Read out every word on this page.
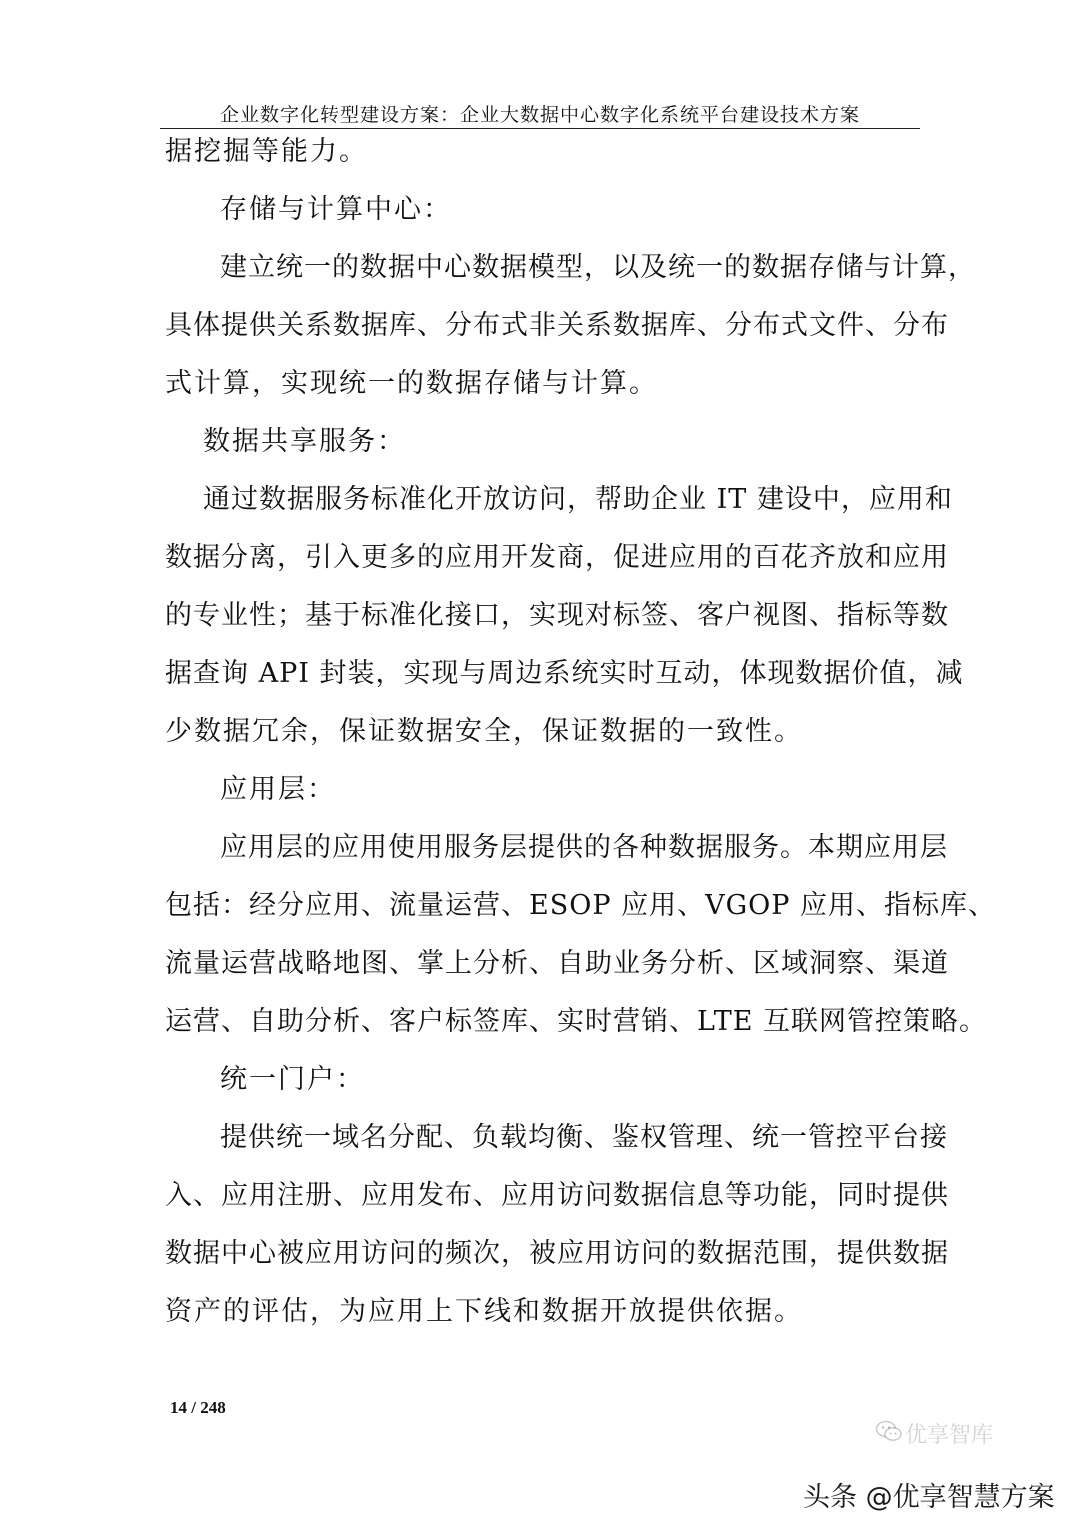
企业数字化转型建设方案：企业大数据中心数字化系统平台建设技术方案
据挖掘等能力。
存储与计算中心：
建立统一的数据中心数据模型，以及统一的数据存储与计算，
具体提供关系数据库、分布式非关系数据库、分布式文件、分布
式计算，实现统一的数据存储与计算。
数据共享服务：
通过数据服务标准化开放访问，帮助企业 IT 建设中，应用和
数据分离，引入更多的应用开发商，促进应用的百花齐放和应用
的专业性；基于标准化接口，实现对标签、客户视图、指标等数
据查询 API 封装，实现与周边系统实时互动，体现数据价值，减
少数据冗余，保证数据安全，保证数据的一致性。
应用层：
应用层的应用使用服务层提供的各种数据服务。本期应用层
包括：经分应用、流量运营、ESOP 应用、VGOP 应用、指标库、
流量运营战略地图、掌上分析、自助业务分析、区域洞察、渠道
运营、自助分析、客户标签库、实时营销、LTE 互联网管控策略。
统一门户：
提供统一域名分配、负载均衡、鉴权管理、统一管控平台接
入、应用注册、应用发布、应用访问数据信息等功能，同时提供
数据中心被应用访问的频次，被应用访问的数据范围，提供数据
资产的评估，为应用上下线和数据开放提供依据。
14 / 248
优享智库
头条 @优享智慧方案
